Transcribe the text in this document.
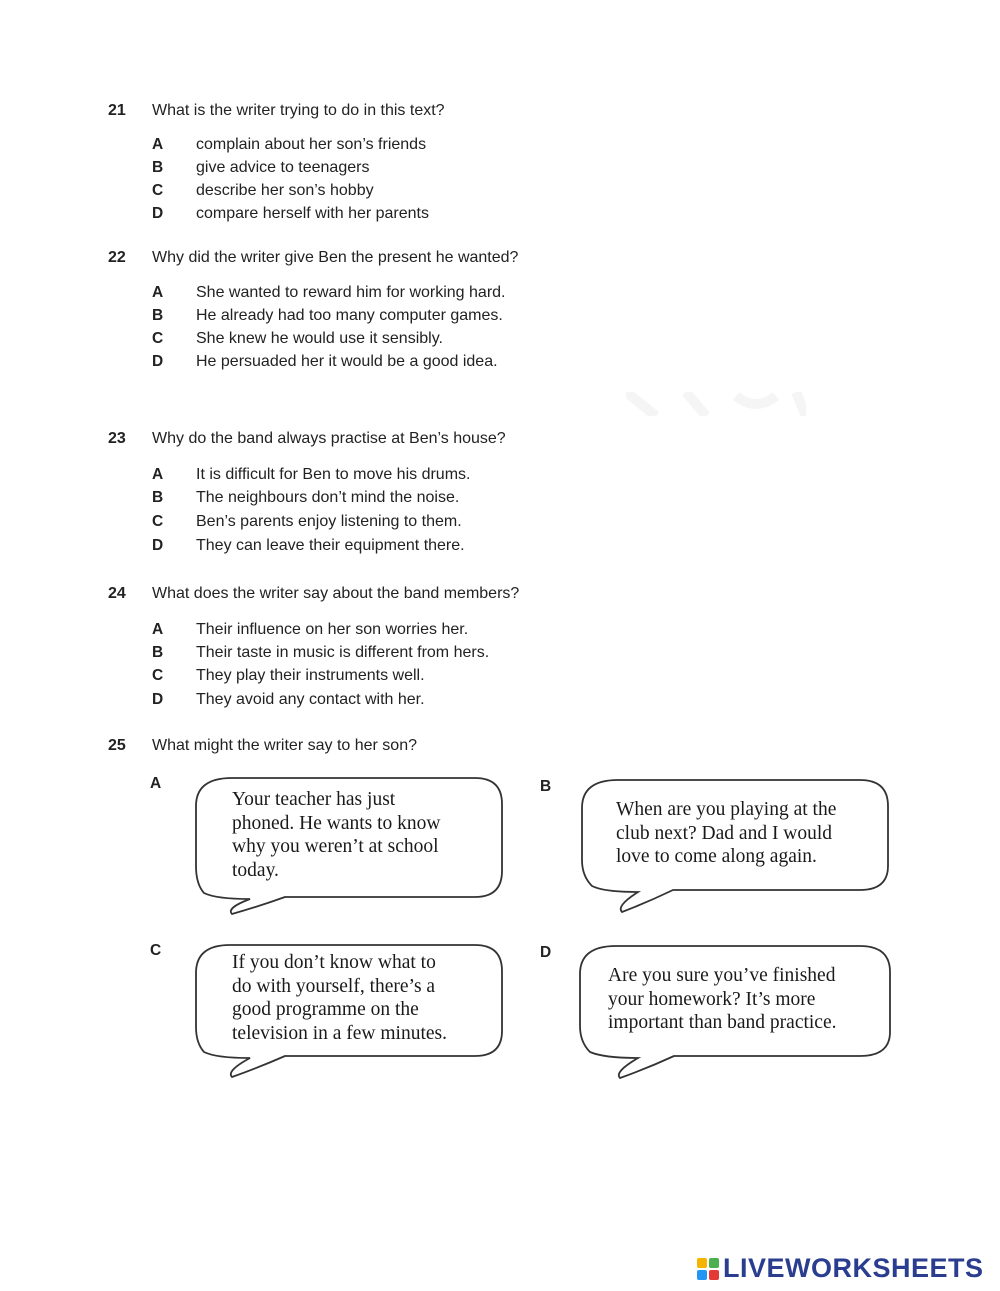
21 What is the writer trying to do in this text?
A complain about her son’s friends
B give advice to teenagers
C describe her son’s hobby
D compare herself with her parents
22 Why did the writer give Ben the present he wanted?
A She wanted to reward him for working hard.
B He already had too many computer games.
C She knew he would use it sensibly.
D He persuaded her it would be a good idea.
23 Why do the band always practise at Ben’s house?
A It is difficult for Ben to move his drums.
B The neighbours don’t mind the noise.
C Ben’s parents enjoy listening to them.
D They can leave their equipment there.
24 What does the writer say about the band members?
A Their influence on her son worries her.
B Their taste in music is different from hers.
C They play their instruments well.
D They avoid any contact with her.
25 What might the writer say to her son?
A
Your teacher has just
phoned. He wants to know
why you weren’t at school
today.
B
When are you playing at the
club next? Dad and I would
love to come along again.
C
If you don’t know what to
do with yourself, there’s a
good programme on the
television in a few minutes.
D
Are you sure you’ve finished
your homework? It’s more
important than band practice.
LIVEWORKSHEETS
